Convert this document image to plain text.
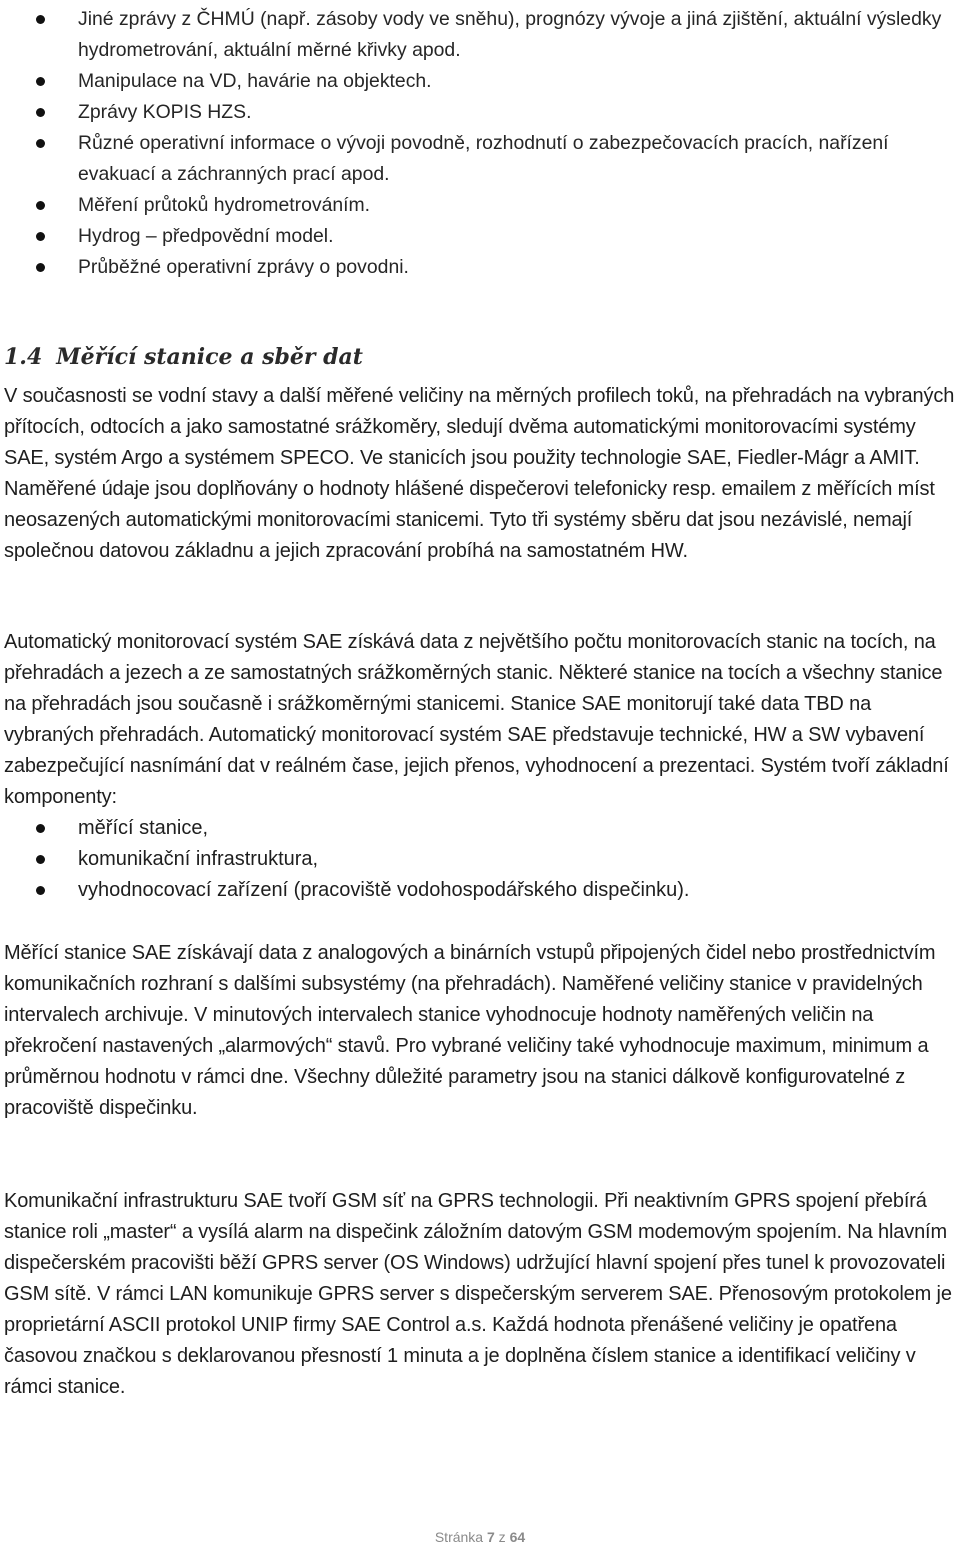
Jiné zprávy z ČHMÚ (např. zásoby vody ve sněhu), prognózy vývoje a jiná zjištění, aktuální výsledky hydrometrování, aktuální měrné křivky apod.
Manipulace na VD, havárie na objektech.
Zprávy KOPIS HZS.
Různé operativní informace o vývoji povodně, rozhodnutí o zabezpečovacích pracích, nařízení evakuací a záchranných prací apod.
Měření průtoků hydrometrováním.
Hydrog – předpovědní model.
Průběžné operativní zprávy o povodni.
1.4 Měřící stanice a sběr dat

V současnosti se vodní stavy a další měřené veličiny na měrných profilech toků, na přehradách na vybraných přítocích, odtocích a jako samostatné srážkoměry, sledují dvěma automatickými monitorovacími systémy SAE, systém Argo a systémem SPECO. Ve stanicích jsou použity technologie SAE, Fiedler-Mágr a AMIT. Naměřené údaje jsou doplňovány o hodnoty hlášené dispečerovi telefonicky resp. emailem z měřících míst neosazených automatickými monitorovacími stanicemi. Tyto tři systémy sběru dat jsou nezávislé, nemají společnou datovou základnu a jejich zpracování probíhá na samostatném HW.

Automatický monitorovací systém SAE získává data z největšího počtu monitorovacích stanic na tocích, na přehradách a jezech a ze samostatných srážkoměrných stanic. Některé stanice na tocích a všechny stanice na přehradách jsou současně i srážkoměrnými stanicemi. Stanice SAE monitorují také data TBD na vybraných přehradách. Automatický monitorovací systém SAE představuje technické, HW a SW vybavení zabezpečující nasnímání dat v reálném čase, jejich přenos, vyhodnocení a prezentaci. Systém tvoří základní komponenty:

měřící stanice,
komunikační infrastruktura,
vyhodnocovací zařízení (pracoviště vodohospodářského dispečinku).

Měřící stanice SAE získávají data z analogových a binárních vstupů připojených čidel nebo prostřednictvím komunikačních rozhraní s dalšími subsystémy (na přehradách). Naměřené veličiny stanice v pravidelných intervalech archivuje. V minutových intervalech stanice vyhodnocuje hodnoty naměřených veličin na překročení nastavených „alarmových“ stavů. Pro vybrané veličiny také vyhodnocuje maximum, minimum a průměrnou hodnotu v rámci dne. Všechny důležité parametry jsou na stanici dálkově konfigurovatelné z pracoviště dispečinku.

Komunikační infrastrukturu SAE tvoří GSM síť na GPRS technologii. Při neaktivním GPRS spojení přebírá stanice roli „master“ a vysílá alarm na dispečink záložním datovým GSM modemovým spojením. Na hlavním dispečerském pracovišti běží GPRS server (OS Windows) udržující hlavní spojení přes tunel k provozovateli GSM sítě. V rámci LAN komunikuje GPRS server s dispečerským serverem SAE. Přenosovým protokolem je proprietární ASCII protokol UNIP firmy SAE Control a.s. Každá hodnota přenášené veličiny je opatřena časovou značkou s deklarovanou přesností 1 minuta a je doplněna číslem stanice a identifikací veličiny v rámci stanice.

Stránka 7 z 64
